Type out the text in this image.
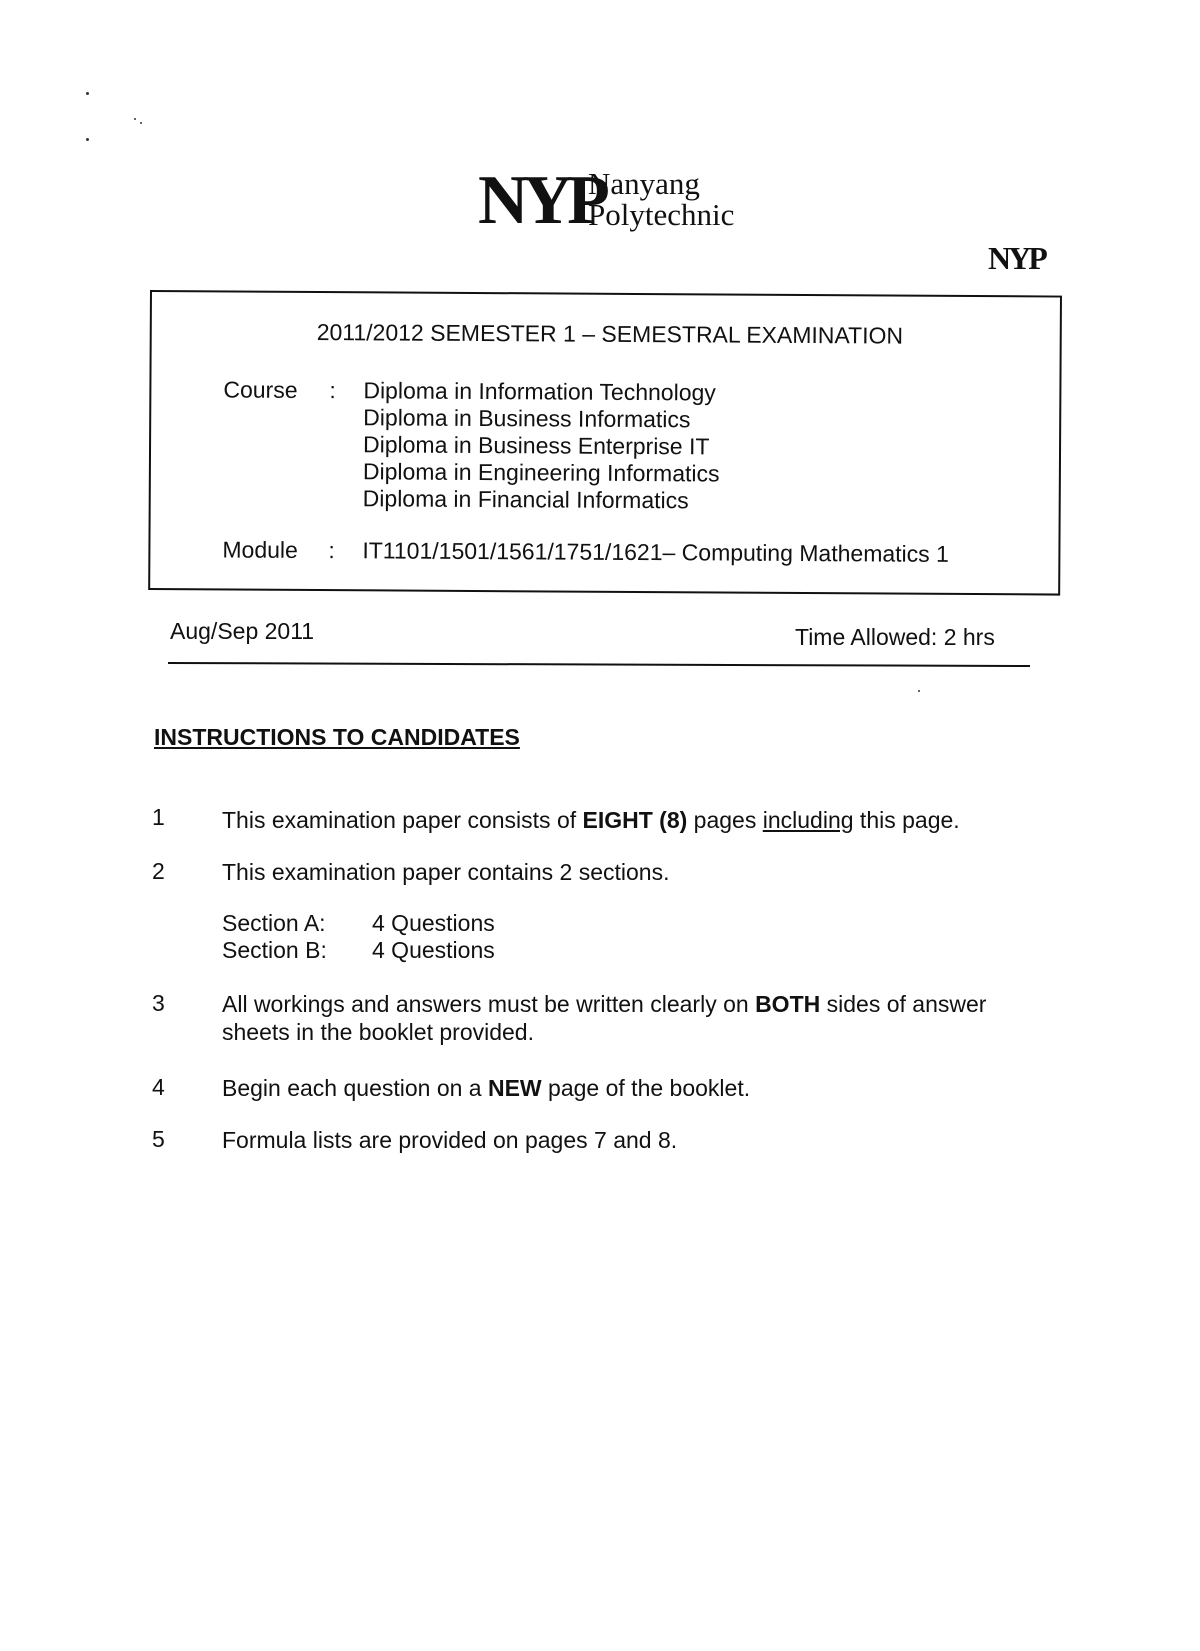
NYP
Nanyang
Polytechnic
NYP
2011/2012 SEMESTER 1 – SEMESTRAL EXAMINATION
Course : Diploma in Information Technology
Diploma in Business Informatics
Diploma in Business Enterprise IT
Diploma in Engineering Informatics
Diploma in Financial Informatics
Module : IT1101/1501/1561/1751/1621– Computing Mathematics 1
Aug/Sep 2011	Time Allowed: 2 hrs
INSTRUCTIONS TO CANDIDATES
1 This examination paper consists of EIGHT (8) pages including this page.
2 This examination paper contains 2 sections.
Section A: 4 Questions
Section B: 4 Questions
3 All workings and answers must be written clearly on BOTH sides of answer sheets in the booklet provided.
4 Begin each question on a NEW page of the booklet.
5 Formula lists are provided on pages 7 and 8.
